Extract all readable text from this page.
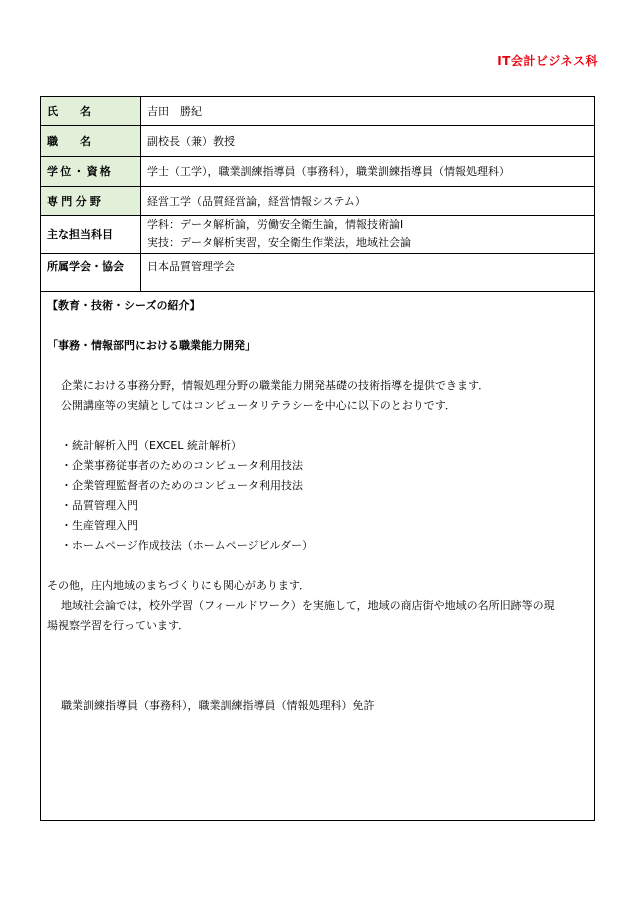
IT会計ビジネス科
氏　名	吉田　勝紀
職　名	副校長（兼）教授
学位・資格	学士（工学），職業訓練指導員（事務科），職業訓練指導員（情報処理科）
専門分野	経営工学（品質経営論，経営情報システム）
主な担当科目	学科：データ解析論，労働安全衛生論，情報技術論Ⅰ
実技：データ解析実習，安全衛生作業法，地域社会論

所属学会・協会	日本品質管理学会
【教育・技術・シーズの紹介】
「事務・情報部門における職業能力開発」
企業における事務分野，情報処理分野の職業能力開発基礎の技術指導を提供できます．
公開講座等の実績としてはコンピュータリテラシーを中心に以下のとおりです．
・統計解析入門（EXCEL 統計解析）
・企業事務従事者のためのコンピュータ利用技法
・企業管理監督者のためのコンピュータ利用技法
・品質管理入門
・生産管理入門
・ホームページ作成技法（ホームページビルダー）
その他，庄内地域のまちづくりにも関心があります．
地域社会論では，校外学習（フィールドワーク）を実施して，地域の商店街や地域の名所旧跡等の現
場視察学習を行っています．
職業訓練指導員（事務科），職業訓練指導員（情報処理科）免許
